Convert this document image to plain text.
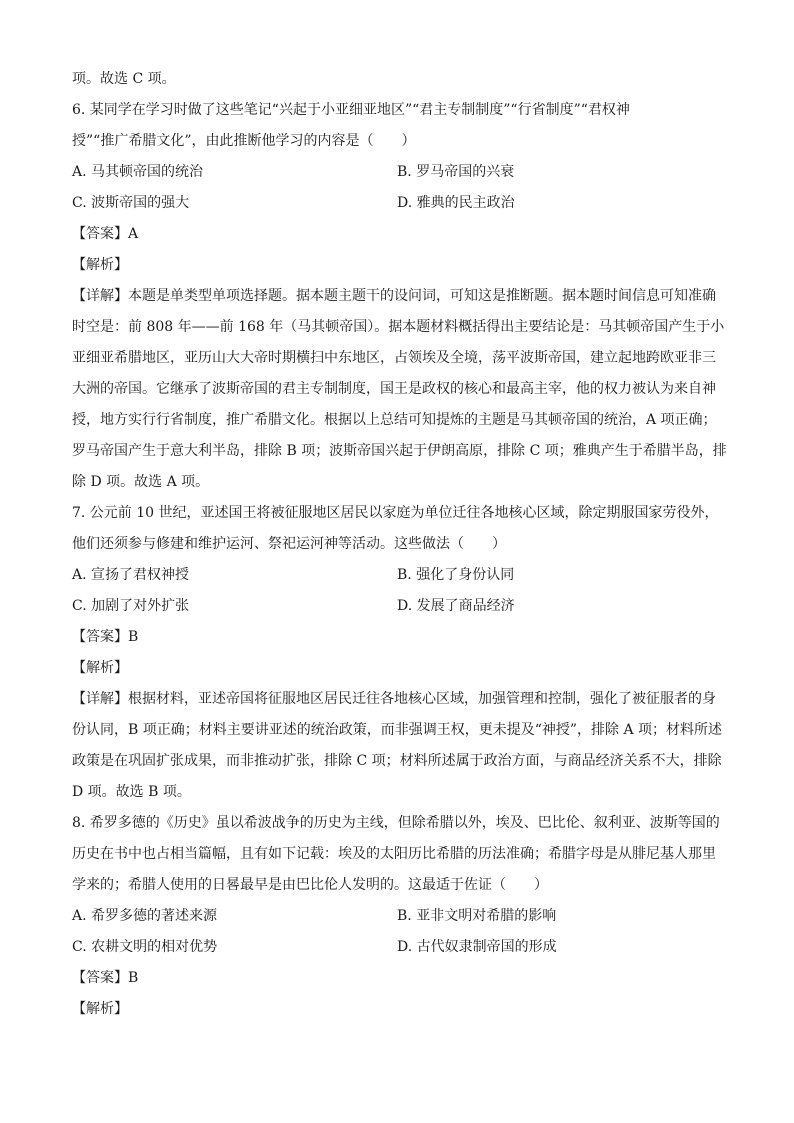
项。故选 C 项。
6. 某同学在学习时做了这些笔记“兴起于小亚细亚地区”“君主专制制度”“行省制度”“君权神
授”“推广希腊文化”，由此推断他学习的内容是（　　）
A. 马其顿帝国的统治	B. 罗马帝国的兴衰
C. 波斯帝国的强大	D. 雅典的民主政治
【答案】A
【解析】
【详解】本题是单类型单项选择题。据本题主题干的设问词，可知这是推断题。据本题时间信息可知准确
时空是：前 808 年——前 168 年（马其顿帝国）。据本题材料概括得出主要结论是：马其顿帝国产生于小
亚细亚希腊地区，亚历山大大帝时期横扫中东地区，占领埃及全境，荡平波斯帝国，建立起地跨欧亚非三
大洲的帝国。它继承了波斯帝国的君主专制制度，国王是政权的核心和最高主宰，他的权力被认为来自神
授，地方实行行省制度，推广希腊文化。根据以上总结可知提炼的主题是马其顿帝国的统治，A 项正确；
罗马帝国产生于意大利半岛，排除 B 项；波斯帝国兴起于伊朗高原，排除 C 项；雅典产生于希腊半岛，排
除 D 项。故选 A 项。
7. 公元前 10 世纪，亚述国王将被征服地区居民以家庭为单位迁往各地核心区域，除定期服国家劳役外，
他们还须参与修建和维护运河、祭祀运河神等活动。这些做法（　　）
A. 宣扬了君权神授	B. 强化了身份认同
C. 加剧了对外扩张	D. 发展了商品经济
【答案】B
【解析】
【详解】根据材料，亚述帝国将征服地区居民迁往各地核心区域，加强管理和控制，强化了被征服者的身
份认同，B 项正确；材料主要讲亚述的统治政策，而非强调王权，更未提及“神授”，排除 A 项；材料所述
政策是在巩固扩张成果，而非推动扩张，排除 C 项；材料所述属于政治方面，与商品经济关系不大，排除
D 项。故选 B 项。
8. 希罗多德的《历史》虽以希波战争的历史为主线，但除希腊以外，埃及、巴比伦、叙利亚、波斯等国的
历史在书中也占相当篇幅，且有如下记载：埃及的太阳历比希腊的历法准确；希腊字母是从腓尼基人那里
学来的；希腊人使用的日晷最早是由巴比伦人发明的。这最适于佐证（　　）
A. 希罗多德的著述来源	B. 亚非文明对希腊的影响
C. 农耕文明的相对优势	D. 古代奴隶制帝国的形成
【答案】B
【解析】
